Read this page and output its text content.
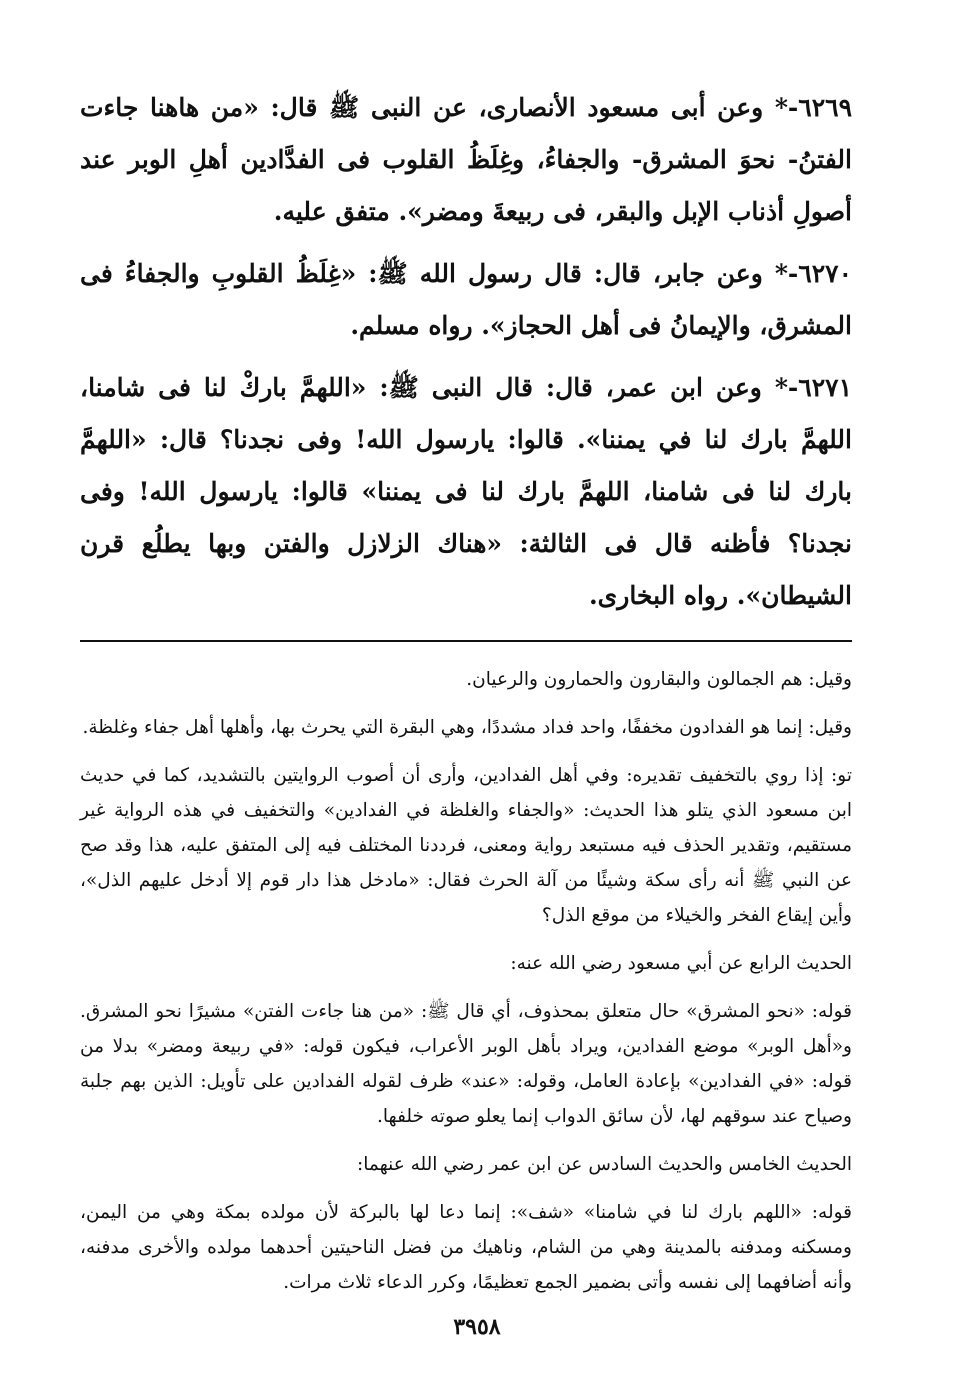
٦٢٦٩-* وعن أبى مسعود الأنصارى، عن النبى ﷺ قال: «من هاهنا جاءت الفتنُ- نحوَ المشرق- والجفاءُ، وغِلَظُ القلوب فى الفدَّادين أهلِ الوبر عند أصولِ أذناب الإبل والبقر، فى ربيعةَ ومضر». متفق عليه.

٦٢٧٠-* وعن جابر، قال: قال رسول الله ﷺ: «غِلَظُ القلوبِ والجفاءُ فى المشرق، والإيمانُ فى أهل الحجاز». رواه مسلم.

٦٢٧١-* وعن ابن عمر، قال: قال النبى ﷺ: «اللهمَّ باركْ لنا فى شامنا، اللهمَّ بارك لنا في يمننا». قالوا: يارسول الله! وفى نجدنا؟ قال: «اللهمَّ بارك لنا فى شامنا، اللهمَّ بارك لنا فى يمننا» قالوا: يارسول الله! وفى نجدنا؟ فأظنه قال فى الثالثة: «هناك الزلازل والفتن وبها يطلُع قرن الشيطان». رواه البخارى.

وقيل: هم الجمالون والبقارون والحمارون والرعيان.

وقيل: إنما هو الفدادون مخففًا، واحد فداد مشددًا، وهي البقرة التي يحرث بها، وأهلها أهل جفاء وغلظة.

تو: إذا روي بالتخفيف تقديره: وفي أهل الفدادين، وأرى أن أصوب الروايتين بالتشديد، كما في حديث ابن مسعود الذي يتلو هذا الحديث: «والجفاء والغلظة في الفدادين» والتخفيف في هذه الرواية غير مستقيم، وتقدير الحذف فيه مستبعد رواية ومعنى، فرددنا المختلف فيه إلى المتفق عليه، هذا وقد صح عن النبي ﷺ أنه رأى سكة وشيئًا من آلة الحرث فقال: «مادخل هذا دار قوم إلا أدخل عليهم الذل»، وأين إيقاع الفخر والخيلاء من موقع الذل؟

الحديث الرابع عن أبي مسعود رضي الله عنه:

قوله: «نحو المشرق» حال متعلق بمحذوف، أي قال ﷺ: «من هنا جاءت الفتن» مشيرًا نحو المشرق. و«أهل الوبر» موضع الفدادين، ويراد بأهل الوبر الأعراب، فيكون قوله: «في ربيعة ومضر» بدلا من قوله: «في الفدادين» بإعادة العامل، وقوله: «عند» ظرف لقوله الفدادين على تأويل: الذين بهم جلبة وصياح عند سوقهم لها، لأن سائق الدواب إنما يعلو صوته خلفها.

الحديث الخامس والحديث السادس عن ابن عمر رضي الله عنهما:

قوله: «اللهم بارك لنا في شامنا» «شف»: إنما دعا لها بالبركة لأن مولده بمكة وهي من اليمن، ومسكنه ومدفنه بالمدينة وهي من الشام، وناهيك من فضل الناحيتين أحدهما مولده والأخرى مدفنه، وأنه أضافهما إلى نفسه وأتى بضمير الجمع تعظيمًا، وكرر الدعاء ثلاث مرات.

٣٩٥٨
